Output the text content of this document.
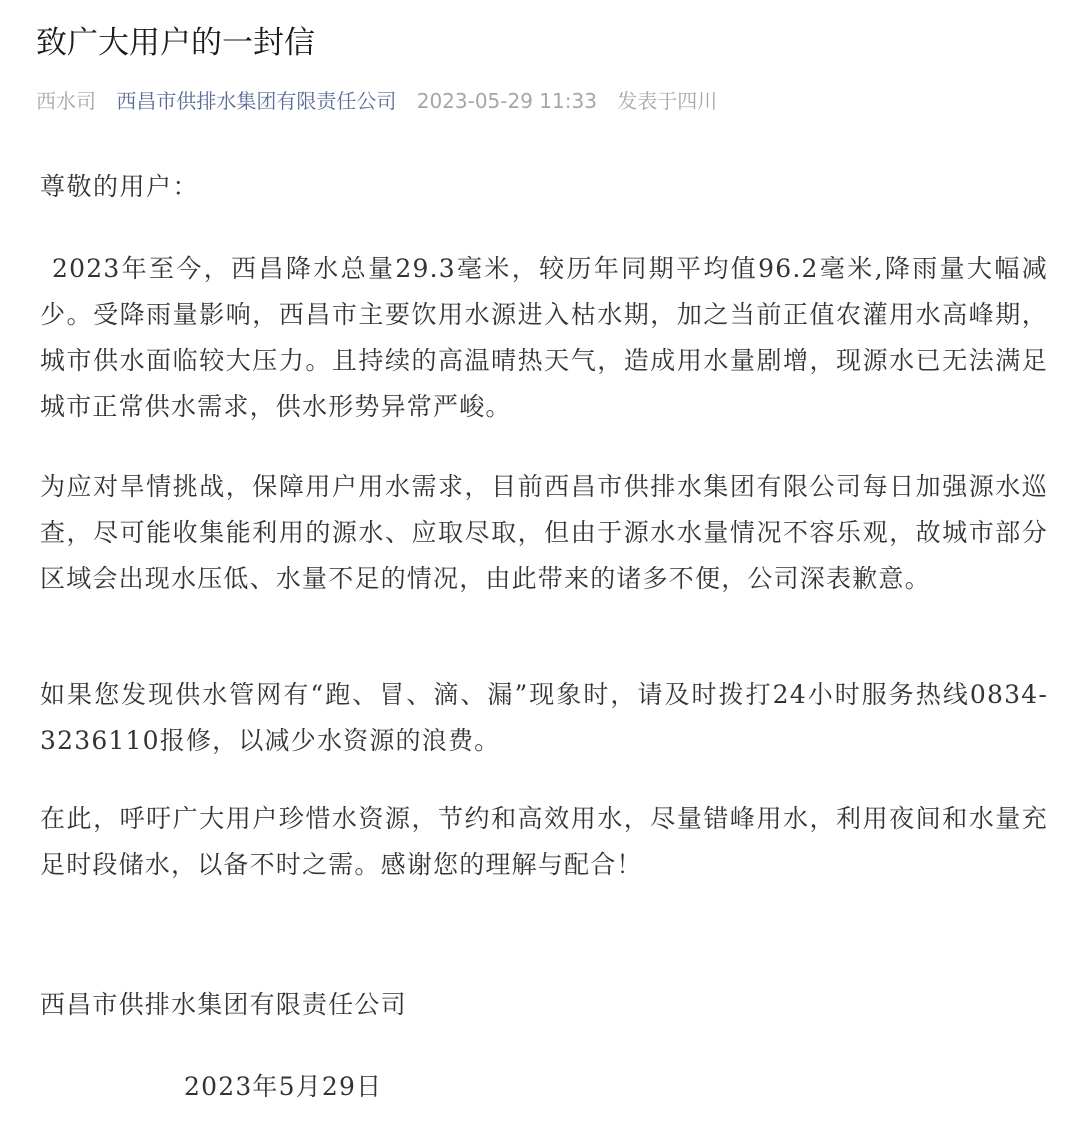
致广大用户的一封信
西水司 西昌市供排水集团有限责任公司 2023-05-29 11:33 发表于四川
尊敬的用户：

2023年至今，西昌降水总量29.3毫米，较历年同期平均值96.2毫米,降雨量大幅减少。受降雨量影响，西昌市主要饮用水源进入枯水期，加之当前正值农灌用水高峰期，城市供水面临较大压力。且持续的高温晴热天气，造成用水量剧增，现源水已无法满足城市正常供水需求，供水形势异常严峻。

为应对旱情挑战，保障用户用水需求，目前西昌市供排水集团有限公司每日加强源水巡查，尽可能收集能利用的源水、应取尽取，但由于源水水量情况不容乐观，故城市部分区域会出现水压低、水量不足的情况，由此带来的诸多不便，公司深表歉意。

如果您发现供水管网有“跑、冒、滴、漏”现象时，请及时拨打24小时服务热线0834-3236110报修，以减少水资源的浪费。

在此，呼吁广大用户珍惜水资源，节约和高效用水，尽量错峰用水，利用夜间和水量充足时段储水，以备不时之需。感谢您的理解与配合！

西昌市供排水集团有限责任公司
2023年5月29日
